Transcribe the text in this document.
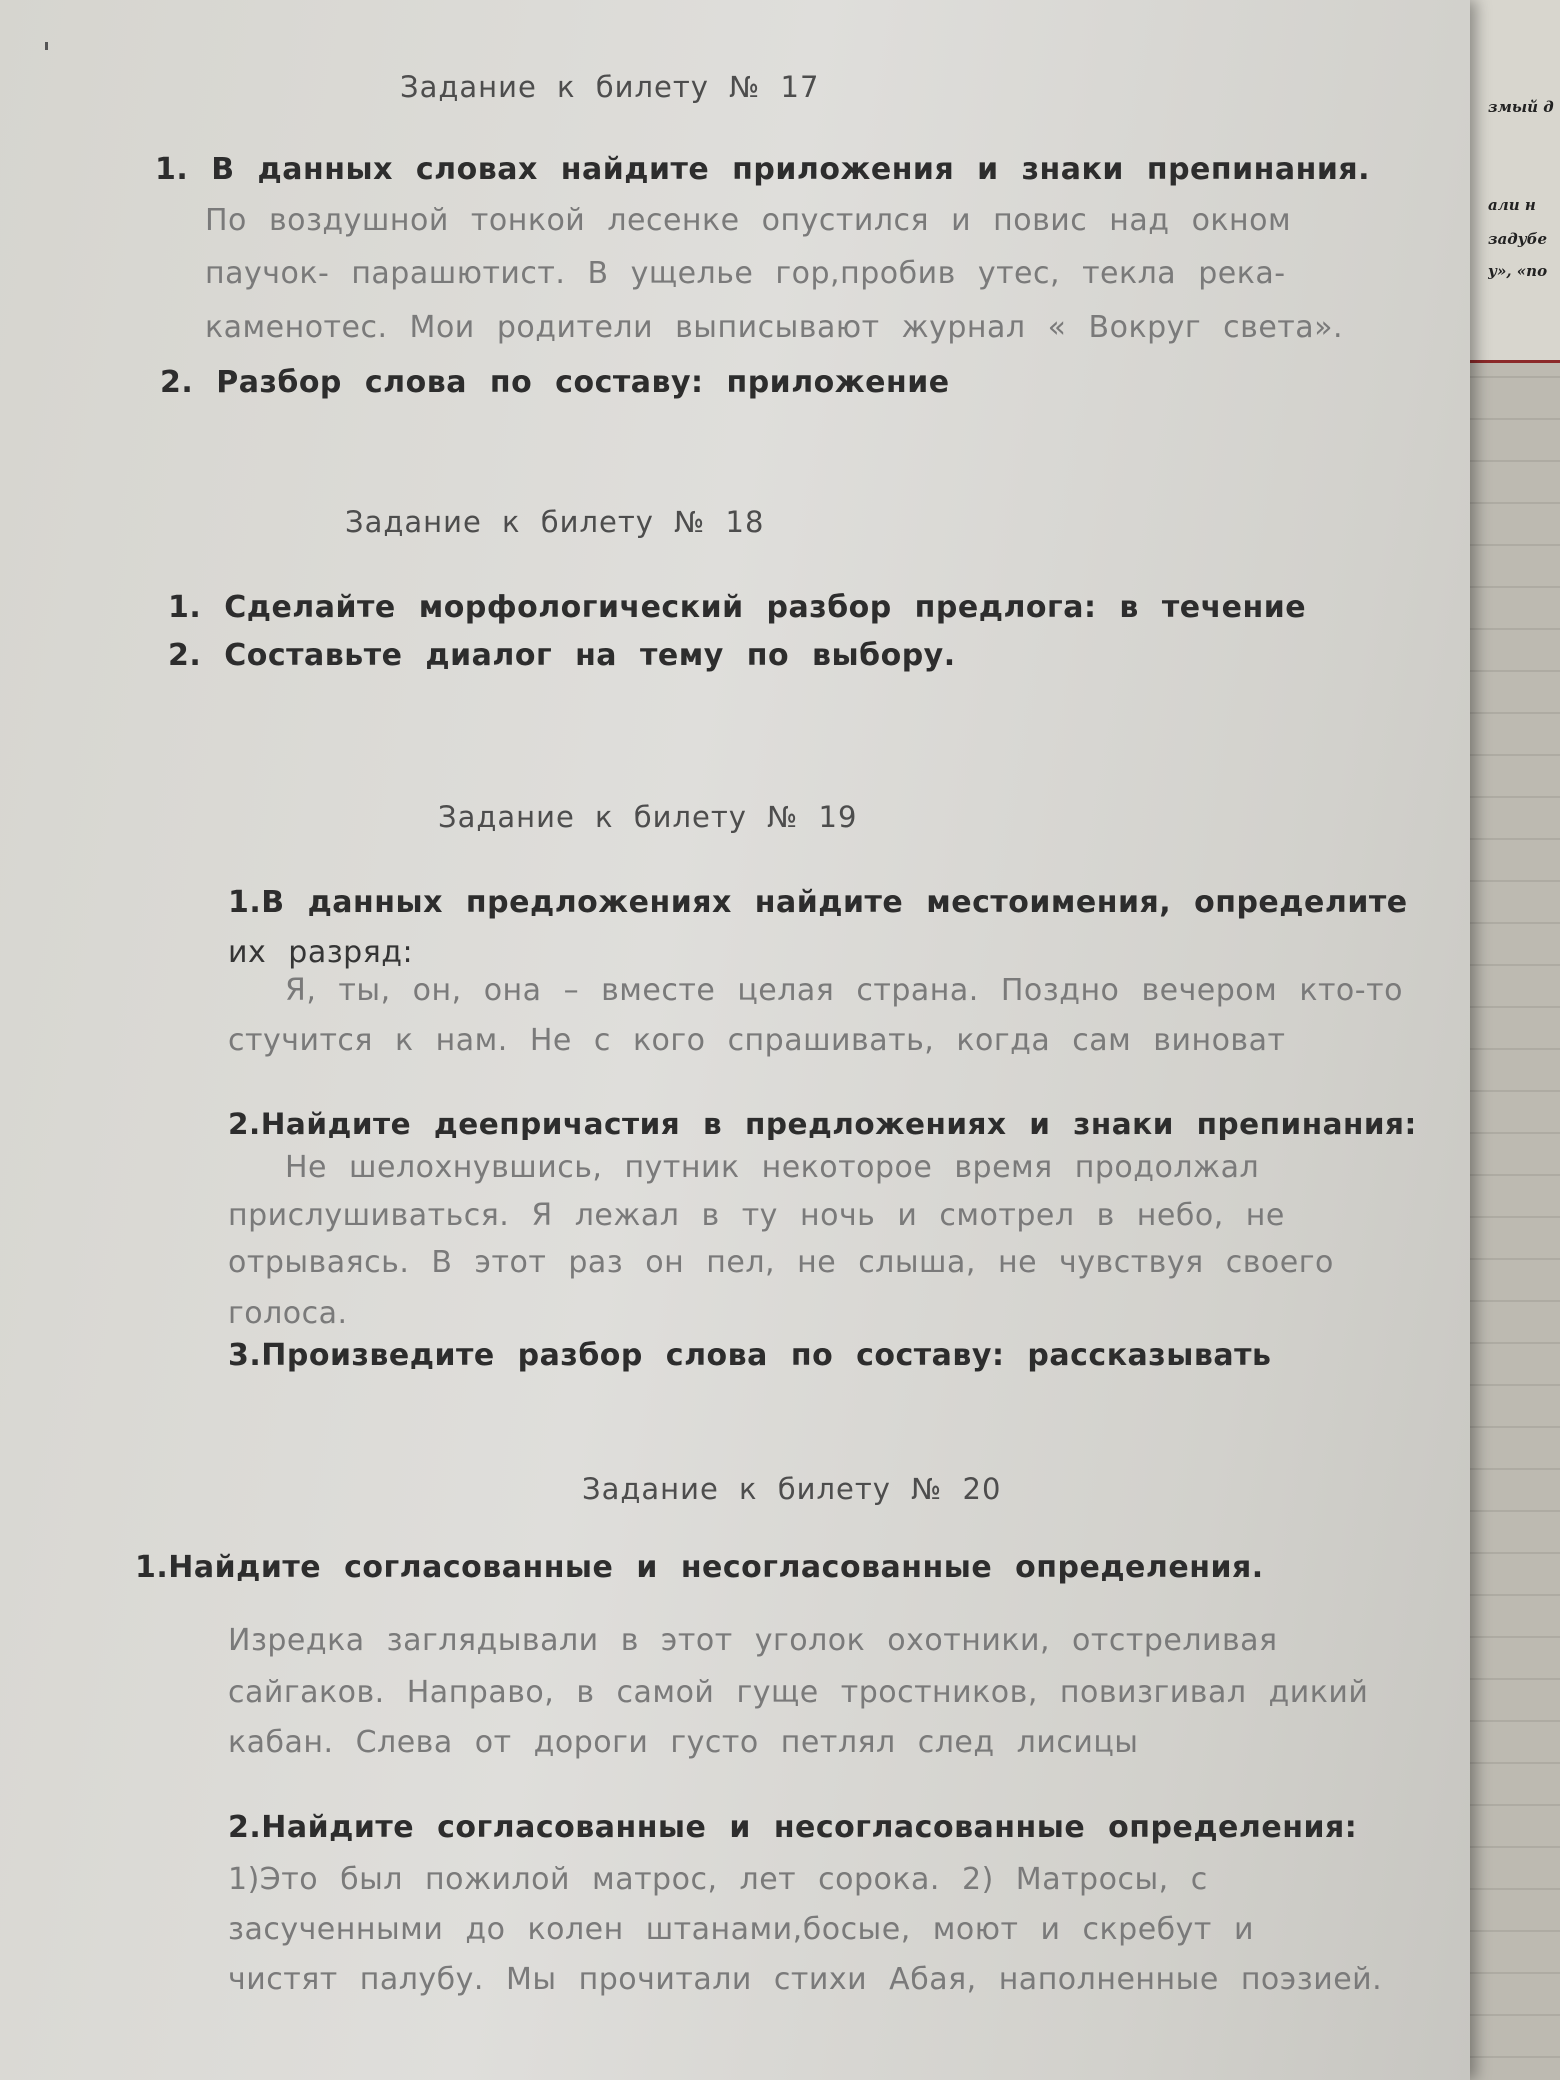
змый д
али н
задубе
у», «по
Задание к билету № 17
1. В данных словах найдите приложения и знаки препинания.
По воздушной тонкой лесенке опустился и повис над окном
паучок- парашютист. В ущелье гор,пробив утес, текла река-
каменотес. Мои родители выписывают журнал « Вокруг света».
2. Разбор слова по составу: приложение
Задание к билету № 18
1. Сделайте морфологический разбор предлога: в течение
2. Составьте диалог на тему по выбору.
Задание к билету № 19
1.В данных предложениях найдите местоимения, определите
их разряд:
Я, ты, он, она – вместе целая страна. Поздно вечером кто-то
стучится к нам. Не с кого спрашивать, когда сам виноват
2.Найдите деепричастия в предложениях и знаки препинания:
Не шелохнувшись, путник некоторое время продолжал
прислушиваться. Я лежал в ту ночь и смотрел в небо, не
отрываясь. В этот раз он пел, не слыша, не чувствуя своего
голоса.
3.Произведите разбор слова по составу: рассказывать
Задание к билету № 20
1.Найдите согласованные и несогласованные определения.
Изредка заглядывали в этот уголок охотники, отстреливая
сайгаков. Направо, в самой гуще тростников, повизгивал дикий
кабан. Слева от дороги густо петлял след лисицы
2.Найдите согласованные и несогласованные определения:
1)Это был пожилой матрос, лет сорока. 2) Матросы, с
засученными до колен штанами,босые, моют и скребут и
чистят палубу. Мы прочитали стихи Абая, наполненные поэзией.
